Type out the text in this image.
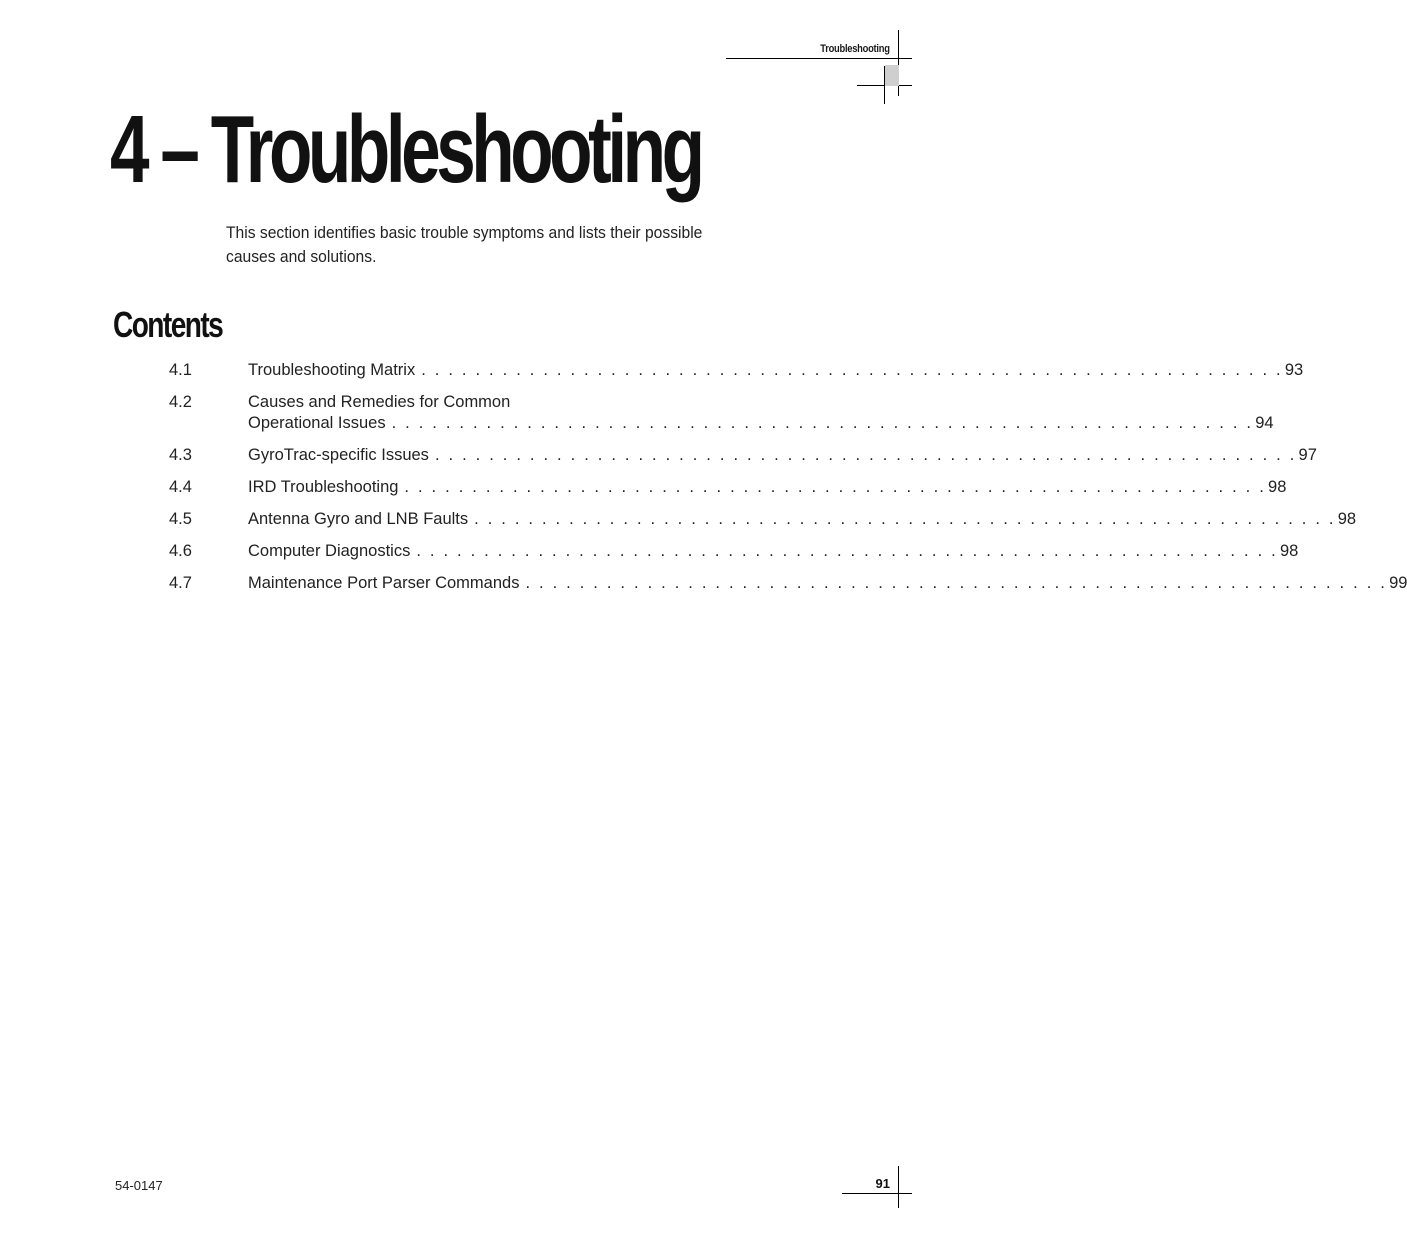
Troubleshooting
4 – Troubleshooting

This section identifies basic trouble symptoms and lists their possible causes and solutions.

Contents
4.1	Troubleshooting Matrix . . .	93
4.2	Causes and Remedies for Common
Operational Issues . . .	94
4.3	GyroTrac-specific Issues . . .	97
4.4	IRD Troubleshooting . . .	98
4.5	Antenna Gyro and LNB Faults . . .	98
4.6	Computer Diagnostics . . .	98
4.7	Maintenance Port Parser Commands . . .	99
54-0147	91
